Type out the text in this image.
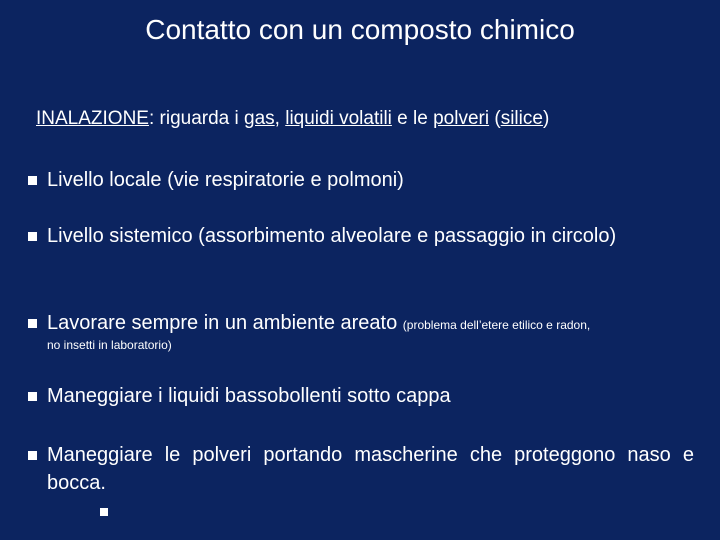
Contatto con un composto chimico

INALAZIONE: riguarda i gas, liquidi volatili e le polveri (silice)

Livello locale (vie respiratorie e polmoni)

Livello sistemico (assorbimento alveolare e passaggio in circolo)

Lavorare sempre in un ambiente areato (problema dell’etere etilico e radon,

no insetti in laboratorio)

Maneggiare i liquidi bassobollenti sotto cappa

Maneggiare le polveri portando mascherine che proteggono naso e bocca.
